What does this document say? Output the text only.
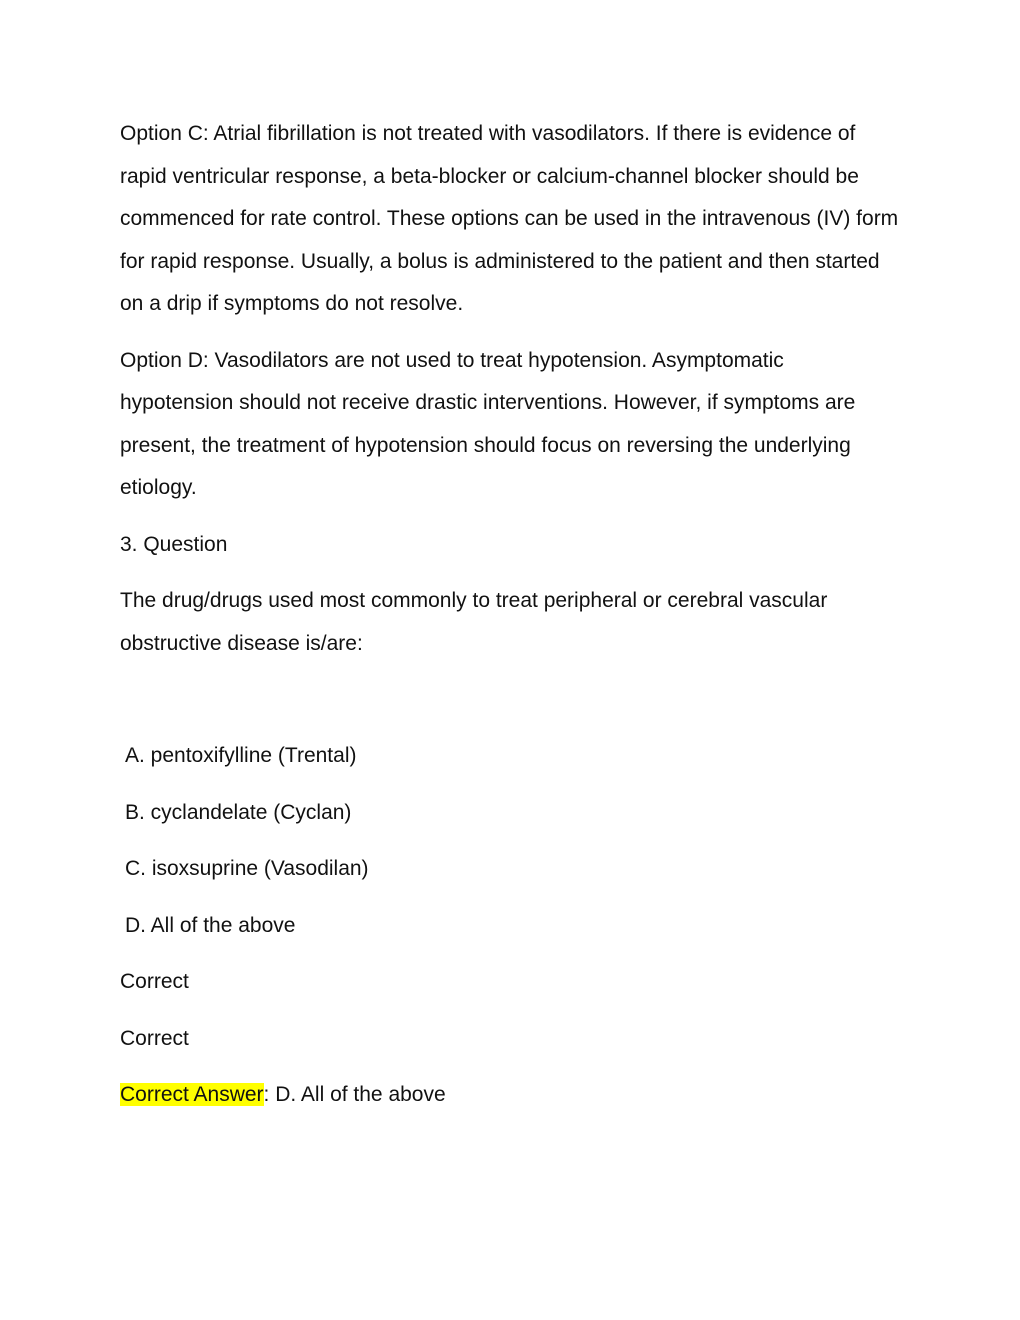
Option C: Atrial fibrillation is not treated with vasodilators. If there is evidence of rapid ventricular response, a beta-blocker or calcium-channel blocker should be commenced for rate control. These options can be used in the intravenous (IV) form for rapid response. Usually, a bolus is administered to the patient and then started on a drip if symptoms do not resolve.

Option D: Vasodilators are not used to treat hypotension. Asymptomatic hypotension should not receive drastic interventions. However, if symptoms are present, the treatment of hypotension should focus on reversing the underlying etiology.

3. Question

The drug/drugs used most commonly to treat peripheral or cerebral vascular obstructive disease is/are:

A. pentoxifylline (Trental)

B. cyclandelate (Cyclan)

C. isoxsuprine (Vasodilan)

D. All of the above

Correct

Correct

Correct Answer: D. All of the above
